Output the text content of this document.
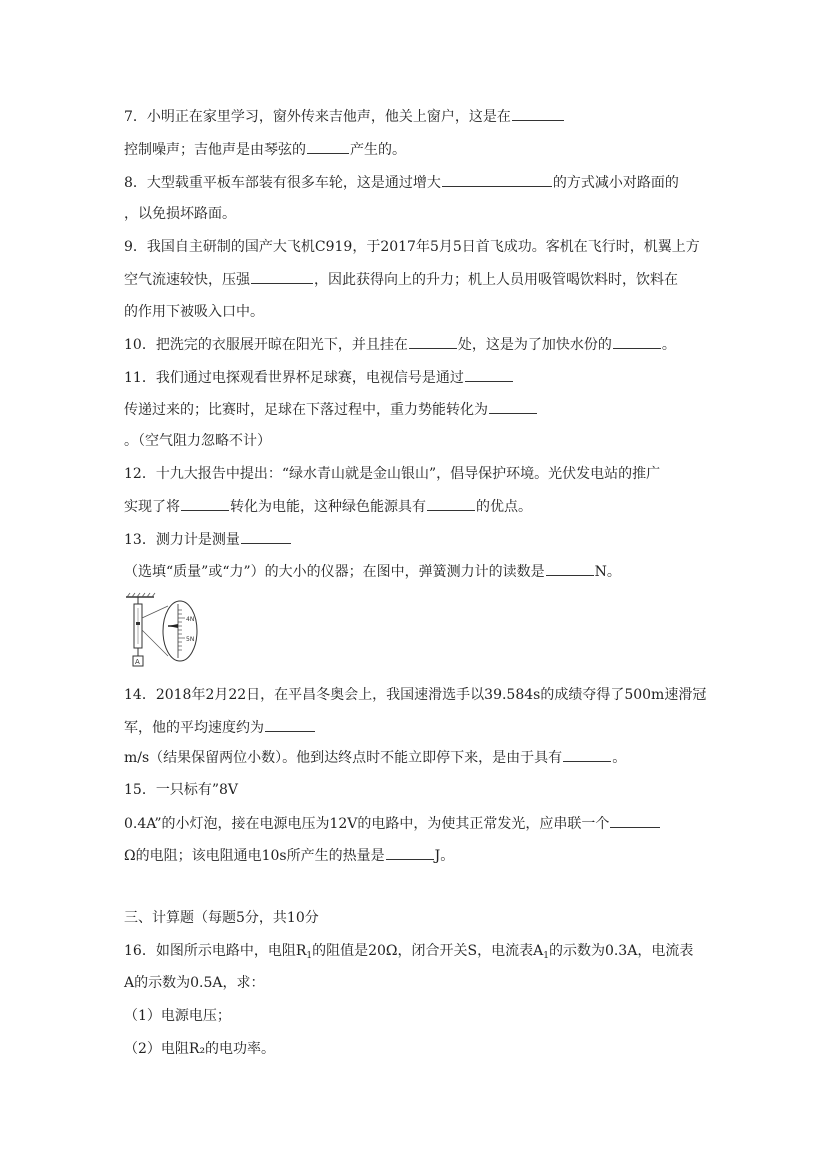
7．小明正在家里学习，窗外传来吉他声，他关上窗户，这是在
控制噪声；吉他声是由琴弦的	产生的。
8．大型载重平板车部装有很多车轮，这是通过增大	的方式减小对路面的
，以免损坏路面。
9．我国自主研制的国产大飞机C919，于2017年5月5日首飞成功。客机在飞行时，机翼上方
空气流速较快，压强	，因此获得向上的升力；机上人员用吸管喝饮料时，饮料在
的作用下被吸入口中。
10．把洗完的衣服展开晾在阳光下，并且挂在	处，这是为了加快水份的	。
11．我们通过电探观看世界杯足球赛，电视信号是通过
传递过来的；比赛时，足球在下落过程中，重力势能转化为
。（空气阻力忽略不计）
12．十九大报告中提出：“绿水青山就是金山银山”，倡导保护环境。光伏发电站的推广
实现了将	转化为电能，这种绿色能源具有	的优点。
13．测力计是测量
（选填“质量”或“力”）的大小的仪器；在图中，弹簧测力计的读数是	N。
4N
5N
A
14．2018年2月22日，在平昌冬奥会上，我国速滑选手以39.584s的成绩夺得了500m速滑冠
军，他的平均速度约为
m/s（结果保留两位小数）。他到达终点时不能立即停下来，是由于具有	。
15．一只标有”8V
0.4A”的小灯泡，接在电源电压为12V的电路中，为使其正常发光，应串联一个
Ω的电阻；该电阻通电10s所产生的热量是	J。
三、计算题（每题5分，共10分
16．如图所示电路中，电阻$R_1$的阻值是20Ω，闭合开关S，电流表$A_1$的示数为0.3A，电流表
A的示数为0.5A，求：
（1）电源电压；
（2）电阻R₂的电功率。
